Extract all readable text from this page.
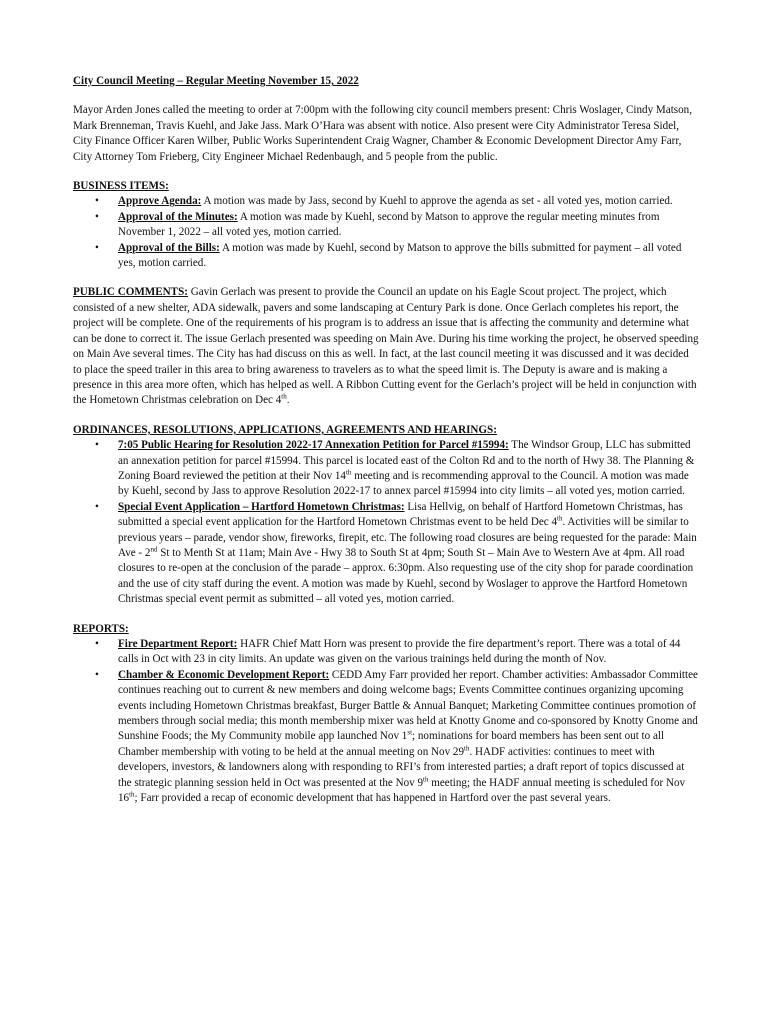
City Council Meeting – Regular Meeting November 15, 2022

Mayor Arden Jones called the meeting to order at 7:00pm with the following city council members present: Chris Woslager, Cindy Matson, Mark Brenneman, Travis Kuehl, and Jake Jass. Mark O’Hara was absent with notice. Also present were City Administrator Teresa Sidel, City Finance Officer Karen Wilber, Public Works Superintendent Craig Wagner, Chamber & Economic Development Director Amy Farr, City Attorney Tom Frieberg, City Engineer Michael Redenbaugh, and 5 people from the public.

BUSINESS ITEMS:

• Approve Agenda: A motion was made by Jass, second by Kuehl to approve the agenda as set - all voted yes, motion carried.
• Approval of the Minutes: A motion was made by Kuehl, second by Matson to approve the regular meeting minutes from November 1, 2022 – all voted yes, motion carried.
• Approval of the Bills: A motion was made by Kuehl, second by Matson to approve the bills submitted for payment – all voted yes, motion carried.

PUBLIC COMMENTS: Gavin Gerlach was present to provide the Council an update on his Eagle Scout project. The project, which consisted of a new shelter, ADA sidewalk, pavers and some landscaping at Century Park is done. Once Gerlach completes his report, the project will be complete. One of the requirements of his program is to address an issue that is affecting the community and determine what can be done to correct it. The issue Gerlach presented was speeding on Main Ave. During his time working the project, he observed speeding on Main Ave several times. The City has had discuss on this as well. In fact, at the last council meeting it was discussed and it was decided to place the speed trailer in this area to bring awareness to travelers as to what the speed limit is. The Deputy is aware and is making a presence in this area more often, which has helped as well. A Ribbon Cutting event for the Gerlach’s project will be held in conjunction with the Hometown Christmas celebration on Dec 4th.

ORDINANCES, RESOLUTIONS, APPLICATIONS, AGREEMENTS AND HEARINGS:

• 7:05 Public Hearing for Resolution 2022-17 Annexation Petition for Parcel #15994: The Windsor Group, LLC has submitted an annexation petition for parcel #15994. This parcel is located east of the Colton Rd and to the north of Hwy 38. The Planning & Zoning Board reviewed the petition at their Nov 14th meeting and is recommending approval to the Council. A motion was made by Kuehl, second by Jass to approve Resolution 2022-17 to annex parcel #15994 into city limits – all voted yes, motion carried.
• Special Event Application – Hartford Hometown Christmas: Lisa Hellvig, on behalf of Hartford Hometown Christmas, has submitted a special event application for the Hartford Hometown Christmas event to be held Dec 4th. Activities will be similar to previous years – parade, vendor show, fireworks, firepit, etc. The following road closures are being requested for the parade: Main Ave - 2nd St to Menth St at 11am; Main Ave - Hwy 38 to South St at 4pm; South St – Main Ave to Western Ave at 4pm. All road closures to re-open at the conclusion of the parade – approx. 6:30pm. Also requesting use of the city shop for parade coordination and the use of city staff during the event. A motion was made by Kuehl, second by Woslager to approve the Hartford Hometown Christmas special event permit as submitted – all voted yes, motion carried.

REPORTS:

• Fire Department Report: HAFR Chief Matt Horn was present to provide the fire department’s report. There was a total of 44 calls in Oct with 23 in city limits. An update was given on the various trainings held during the month of Nov.
• Chamber & Economic Development Report: CEDD Amy Farr provided her report. Chamber activities: Ambassador Committee continues reaching out to current & new members and doing welcome bags; Events Committee continues organizing upcoming events including Hometown Christmas breakfast, Burger Battle & Annual Banquet; Marketing Committee continues promotion of members through social media; this month membership mixer was held at Knotty Gnome and co-sponsored by Knotty Gnome and Sunshine Foods; the My Community mobile app launched Nov 1st; nominations for board members has been sent out to all Chamber membership with voting to be held at the annual meeting on Nov 29th. HADF activities: continues to meet with developers, investors, & landowners along with responding to RFI’s from interested parties; a draft report of topics discussed at the strategic planning session held in Oct was presented at the Nov 9th meeting; the HADF annual meeting is scheduled for Nov 16th; Farr provided a recap of economic development that has happened in Hartford over the past several years.
